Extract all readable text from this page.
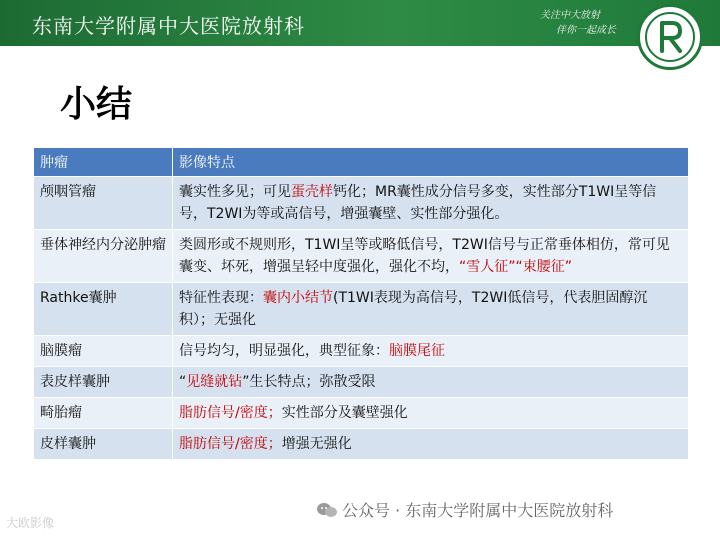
东南大学附属中大医院放射科	关注中大放射
伴你一起成长
小结
肿瘤	影像特点
颅咽管瘤	囊实性多见；可见蛋壳样钙化；MR囊性成分信号多变，实性部分T1WI呈等信号，T2WI为等或高信号，增强囊壁、实性部分强化。
垂体神经内分泌肿瘤	类圆形或不规则形，T1WI呈等或略低信号，T2WI信号与正常垂体相仿，常可见囊变、坏死，增强呈轻中度强化，强化不均，“雪人征”“束腰征”
Rathke囊肿	特征性表现：囊内小结节(T1WI表现为高信号，T2WI低信号，代表胆固醇沉积）；无强化
脑膜瘤	信号均匀，明显强化，典型征象：脑膜尾征
表皮样囊肿	“见缝就钻”生长特点；弥散受限
畸胎瘤	脂肪信号/密度；实性部分及囊壁强化
皮样囊肿	脂肪信号/密度；增强无强化
公众号 · 东南大学附属中大医院放射科
大欧影像
